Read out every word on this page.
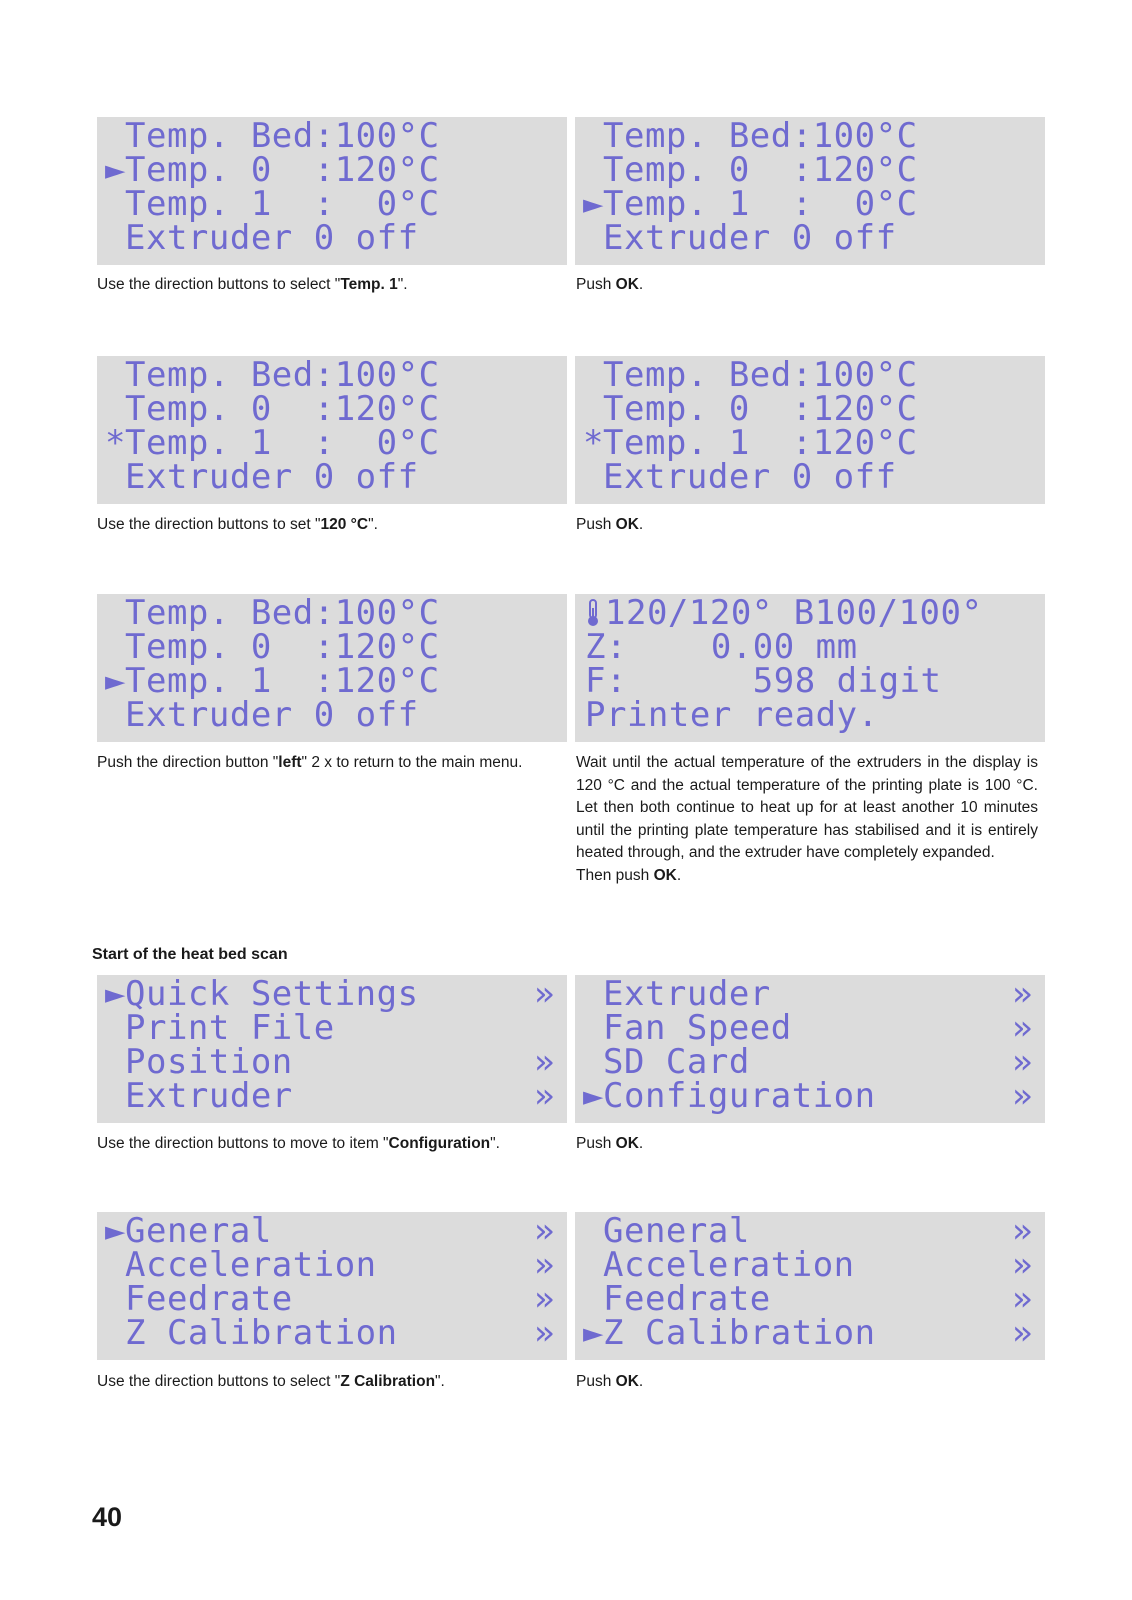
Temp. Bed:100°C
►Temp. 0  :120°C
Temp. 1  :  0°C
Extruder 0 off
Temp. Bed:100°C
Temp. 0  :120°C
►Temp. 1  :  0°C
Extruder 0 off
Temp. Bed:100°C
Temp. 0  :120°C
*Temp. 1  :  0°C
Extruder 0 off
Temp. Bed:100°C
Temp. 0  :120°C
*Temp. 1  :120°C
Extruder 0 off
Temp. Bed:100°C
Temp. 0  :120°C
►Temp. 1  :120°C
Extruder 0 off
120/120° B100/100°
Z:    0.00 mm
F:      598 digit
Printer ready.
►Quick Settings	»
Print File
Position	»
Extruder	»
Extruder	»
Fan Speed	»
SD Card	»
►Configuration	»
►General	»
Acceleration	»
Feedrate	»
Z Calibration	»
General	»
Acceleration	»
Feedrate	»
►Z Calibration	»
Use the direction buttons to select "Temp. 1".	Push OK.
Use the direction buttons to set "120 °C".	Push OK.
Push the direction button "left" 2 x to return to the main menu.	Wait until the actual temperature of the extruders in the display is 120 °C and the actual temperature of the printing plate is 100 °C. Let then both continue to heat up for at least another 10 minutes until the printing plate temperature has stabilised and it is entirely heated through, and the extruder have completely expanded.
Then push OK.
Start of the heat bed scan
Use the direction buttons to move to item "Configuration".	Push OK.
Use the direction buttons to select "Z Calibration".	Push OK.
40
